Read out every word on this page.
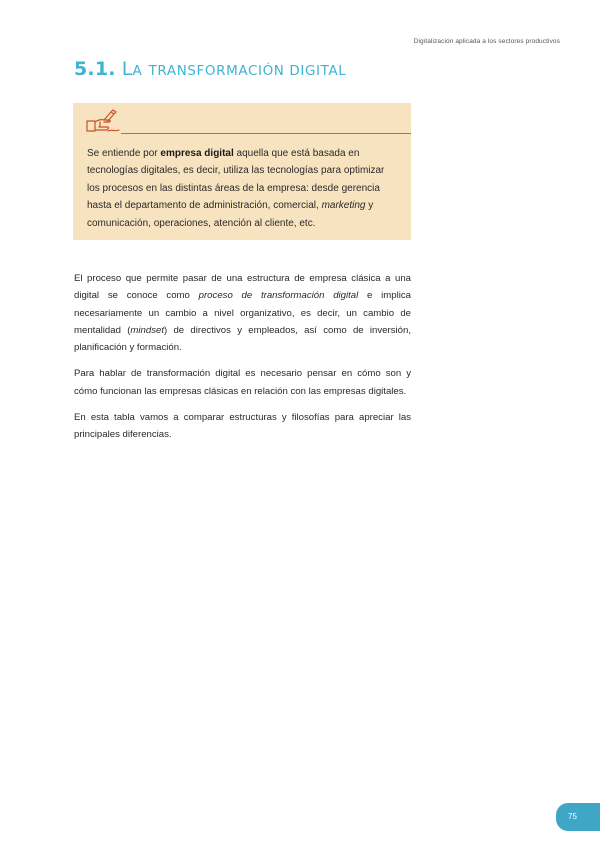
Digitalización aplicada a los sectores productivos
5.1. LA TRANSFORMACIÓN DIGITAL

Se entiende por empresa digital aquella que está basada en tecnologías digitales, es decir, utiliza las tecnologías para optimizar los procesos en las distintas áreas de la empresa: desde gerencia hasta el departamento de administración, comercial, marketing y comunicación, operaciones, atención al cliente, etc.

El proceso que permite pasar de una estructura de empresa clásica a una digital se conoce como proceso de transformación digital e implica necesariamente un cambio a nivel organizativo, es decir, un cambio de mentalidad (mindset) de directivos y empleados, así como de inversión, planificación y formación.

Para hablar de transformación digital es necesario pensar en cómo son y cómo funcionan las empresas clásicas en relación con las empresas digitales.

En esta tabla vamos a comparar estructuras y filosofías para apreciar las principales diferencias.

75
